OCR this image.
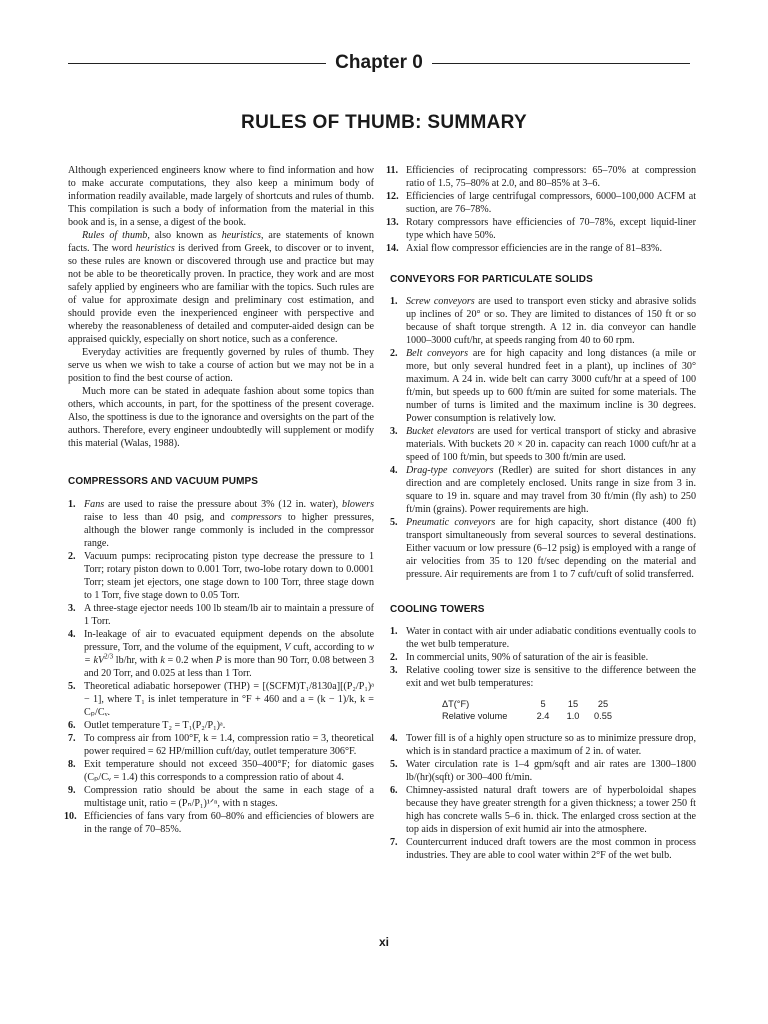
Chapter 0
RULES OF THUMB: SUMMARY

Although experienced engineers know where to find information and how to make accurate computations, they also keep a minimum body of information readily available, made largely of shortcuts and rules of thumb. This compilation is such a body of information from the material in this book and is, in a sense, a digest of the book.

Rules of thumb, also known as heuristics, are statements of known facts. The word heuristics is derived from Greek, to discover or to invent, so these rules are known or discovered through use and practice but may not be able to be theoretically proven. In practice, they work and are most safely applied by engineers who are familiar with the topics. Such rules are of value for approximate design and preliminary cost estimation, and should provide even the inexperienced engineer with perspective and whereby the reasonableness of detailed and computer-aided design can be appraised quickly, especially on short notice, such as a conference.

Everyday activities are frequently governed by rules of thumb. They serve us when we wish to take a course of action but we may not be in a position to find the best course of action.

Much more can be stated in adequate fashion about some topics than others, which accounts, in part, for the spottiness of the present coverage. Also, the spottiness is due to the ignorance and oversights on the part of the authors. Therefore, every engineer undoubtedly will supplement or modify this material (Walas, 1988).

COMPRESSORS AND VACUUM PUMPS
1. Fans are used to raise the pressure about 3% (12 in. water), blowers raise to less than 40 psig, and compressors to higher pressures, although the blower range commonly is included in the compressor range.
2. Vacuum pumps: reciprocating piston type decrease the pressure to 1 Torr; rotary piston down to 0.001 Torr, two-lobe rotary down to 0.0001 Torr; steam jet ejectors, one stage down to 100 Torr, three stage down to 1 Torr, five stage down to 0.05 Torr.
3. A three-stage ejector needs 100 lb steam/lb air to maintain a pressure of 1 Torr.
4. In-leakage of air to evacuated equipment depends on the absolute pressure, Torr, and the volume of the equipment, V cuft, according to $w = kV^{2/3}$ lb/hr, with k = 0.2 when P is more than 90 Torr, 0.08 between 3 and 20 Torr, and 0.025 at less than 1 Torr.
5. Theoretical adiabatic horsepower (THP) = [(SCFM)T₁/8130a][(P₂/P₁)ᵃ − 1], where T₁ is inlet temperature in °F + 460 and a = (k − 1)/k, k = Cₚ/Cᵥ.
6. Outlet temperature T₂ = T₁(P₂/P₁)ᵃ.
7. To compress air from 100°F, k = 1.4, compression ratio = 3, theoretical power required = 62 HP/million cuft/day, outlet temperature 306°F.
8. Exit temperature should not exceed 350–400°F; for diatomic gases (Cₚ/Cᵥ = 1.4) this corresponds to a compression ratio of about 4.
9. Compression ratio should be about the same in each stage of a multistage unit, ratio = (Pₙ/P₁)¹ᐟⁿ, with n stages.
10. Efficiencies of fans vary from 60–80% and efficiencies of blowers are in the range of 70–85%.
11. Efficiencies of reciprocating compressors: 65–70% at compression ratio of 1.5, 75–80% at 2.0, and 80–85% at 3–6.
12. Efficiencies of large centrifugal compressors, 6000–100,000 ACFM at suction, are 76–78%.
13. Rotary compressors have efficiencies of 70–78%, except liquid-liner type which have 50%.
14. Axial flow compressor efficiencies are in the range of 81–83%.
CONVEYORS FOR PARTICULATE SOLIDS
1. Screw conveyors are used to transport even sticky and abrasive solids up inclines of 20° or so. They are limited to distances of 150 ft or so because of shaft torque strength. A 12 in. dia conveyor can handle 1000–3000 cuft/hr, at speeds ranging from 40 to 60 rpm.
2. Belt conveyors are for high capacity and long distances (a mile or more, but only several hundred feet in a plant), up inclines of 30° maximum. A 24 in. wide belt can carry 3000 cuft/hr at a speed of 100 ft/min, but speeds up to 600 ft/min are suited for some materials. The number of turns is limited and the maximum incline is 30 degrees. Power consumption is relatively low.
3. Bucket elevators are used for vertical transport of sticky and abrasive materials. With buckets 20 × 20 in. capacity can reach 1000 cuft/hr at a speed of 100 ft/min, but speeds to 300 ft/min are used.
4. Drag-type conveyors (Redler) are suited for short distances in any direction and are completely enclosed. Units range in size from 3 in. square to 19 in. square and may travel from 30 ft/min (fly ash) to 250 ft/min (grains). Power requirements are high.
5. Pneumatic conveyors are for high capacity, short distance (400 ft) transport simultaneously from several sources to several destinations. Either vacuum or low pressure (6–12 psig) is employed with a range of air velocities from 35 to 120 ft/sec depending on the material and pressure. Air requirements are from 1 to 7 cuft/cuft of solid transferred.
COOLING TOWERS
1. Water in contact with air under adiabatic conditions eventually cools to the wet bulb temperature.
2. In commercial units, 90% of saturation of the air is feasible.
3. Relative cooling tower size is sensitive to the difference between the exit and wet bulb temperatures:
ΔT(°F)	5	15	25
Relative volume	2.4	1.0	0.55
4. Tower fill is of a highly open structure so as to minimize pressure drop, which is in standard practice a maximum of 2 in. of water.
5. Water circulation rate is 1–4 gpm/sqft and air rates are 1300–1800 lb/(hr)(sqft) or 300–400 ft/min.
6. Chimney-assisted natural draft towers are of hyperboloidal shapes because they have greater strength for a given thickness; a tower 250 ft high has concrete walls 5–6 in. thick. The enlarged cross section at the top aids in dispersion of exit humid air into the atmosphere.
7. Countercurrent induced draft towers are the most common in process industries. They are able to cool water within 2°F of the wet bulb.
xi
